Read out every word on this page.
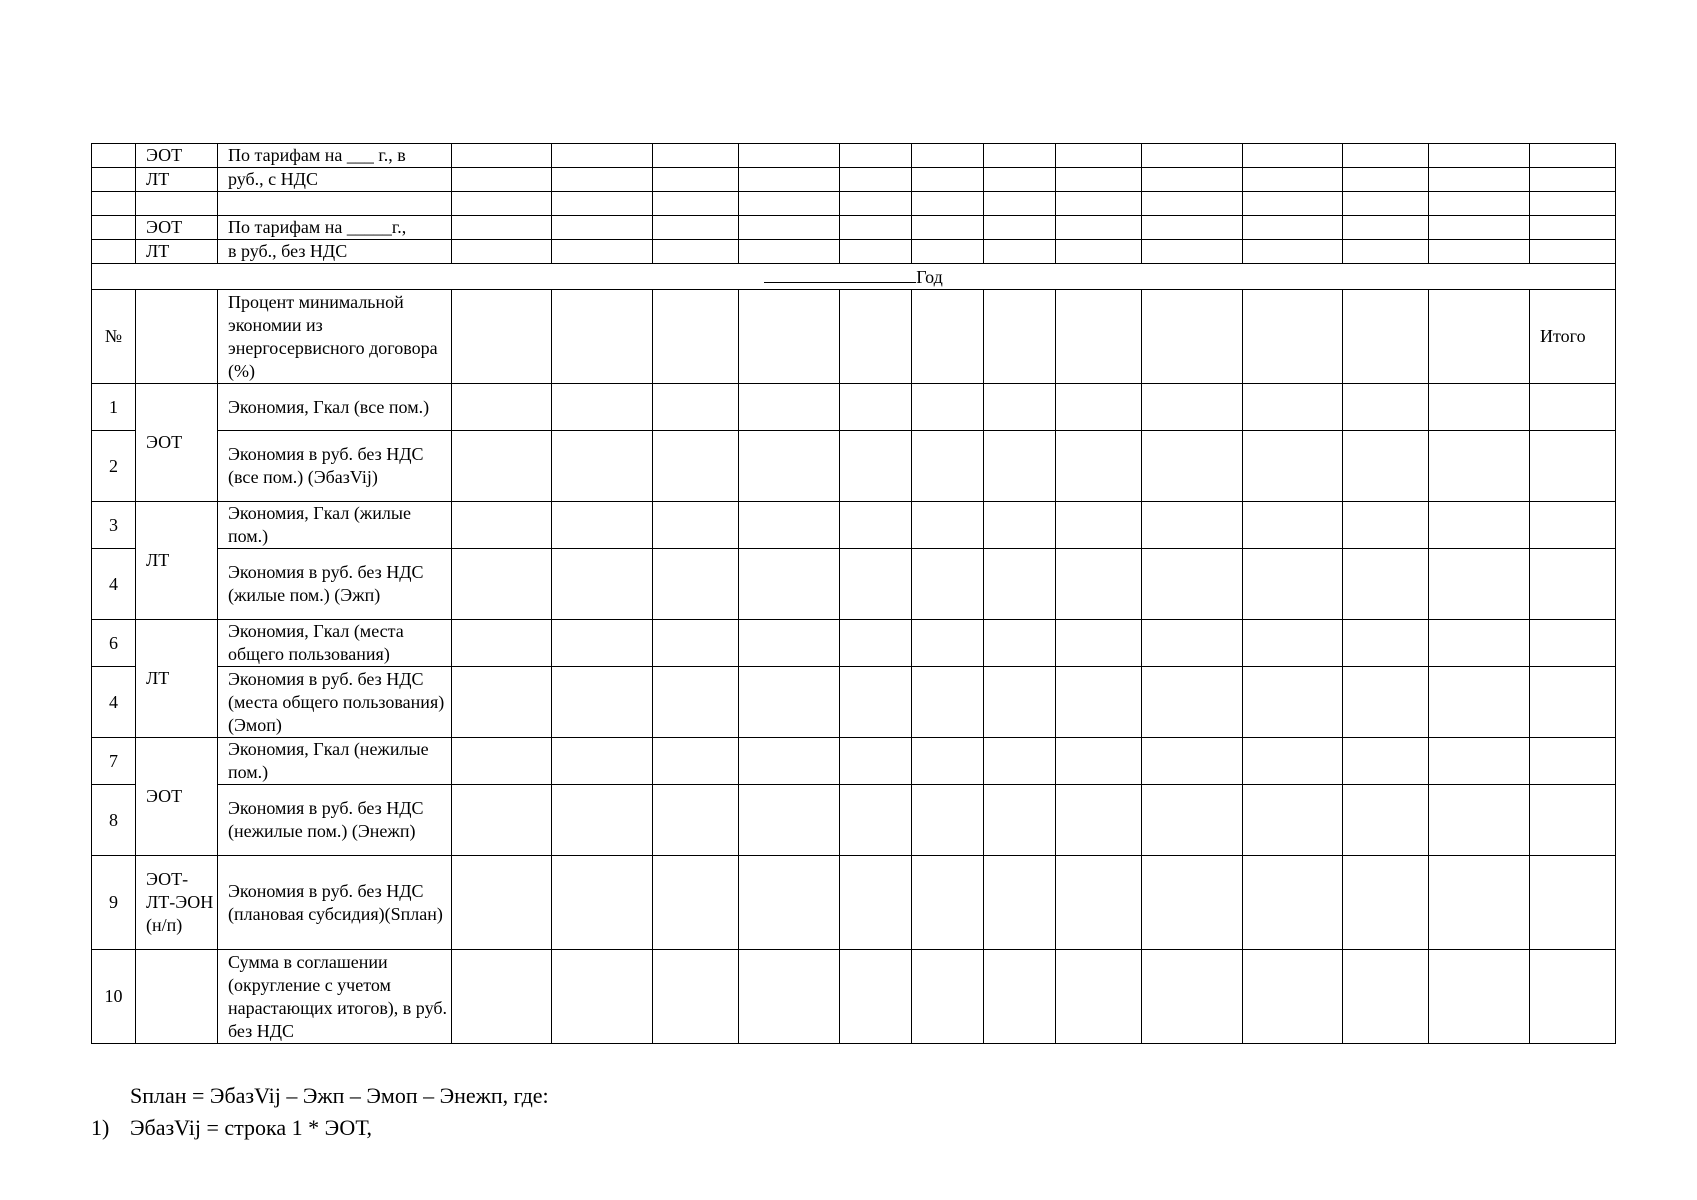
	ЭОТ	По тарифам на ___ г., в													
	ЛТ	руб., с НДС													

	ЭОТ	По тарифам на _____г.,													
	ЛТ	в руб., без НДС													
Год															
№		Процент минимальной экономии из энергосервисного договора (%)													Итого
1	ЭОТ	Экономия, Гкал (все пом.)													
2		Экономия в руб. без НДС (все пом.) (ЭбазVij)													
3	ЛТ	Экономия, Гкал (жилые пом.)													
4		Экономия в руб. без НДС (жилые пом.) (Эжп)													
6	ЛТ	Экономия, Гкал (места общего пользования)													
4		Экономия в руб. без НДС (места общего пользования) (Эмоп)													
7	ЭОТ	Экономия, Гкал (нежилые пом.)													
8		Экономия в руб. без НДС (нежилые пом.) (Энежп)													
9	ЭОТ-ЛТ-ЭОН (н/п)	Экономия в руб. без НДС (плановая субсидия)(Sплан)													
10		Сумма в соглашении (округление с учетом нарастающих итогов), в руб. без НДС													

Sплан = ЭбазVij – Эжп – Эмоп – Энежп, где:

1) ЭбазVij = строка 1 * ЭОТ,
